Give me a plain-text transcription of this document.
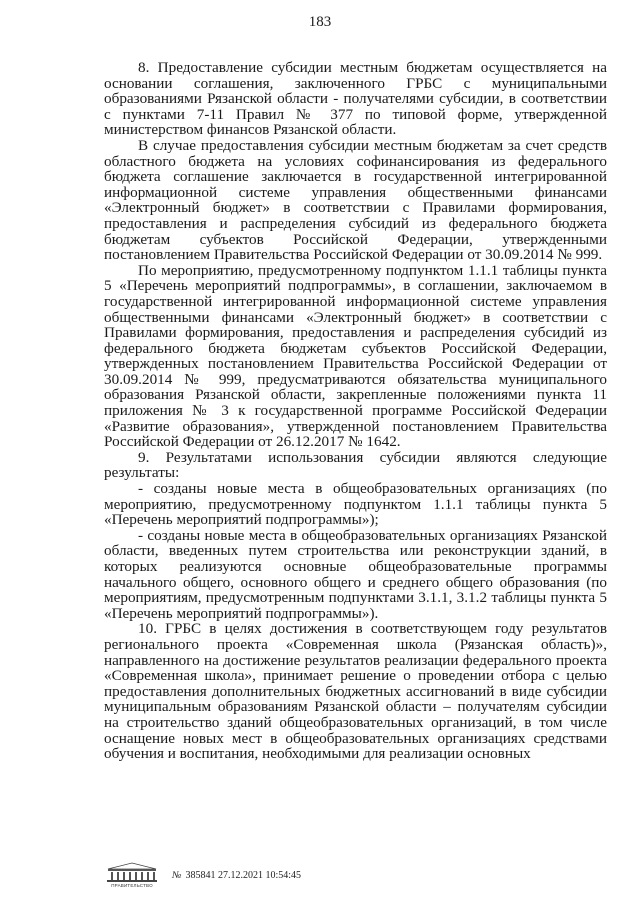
183

8. Предоставление субсидии местным бюджетам осуществляется на основании соглашения, заключенного ГРБС с муниципальными образованиями Рязанской области - получателями субсидии, в соответствии с пунктами 7-11 Правил № 377 по типовой форме, утвержденной министерством финансов Рязанской области.

В случае предоставления субсидии местным бюджетам за счет средств областного бюджета на условиях софинансирования из федерального бюджета соглашение заключается в государственной интегрированной информационной системе управления общественными финансами «Электронный бюджет» в соответствии с Правилами формирования, предоставления и распределения субсидий из федерального бюджета бюджетам субъектов Российской Федерации, утвержденными постановлением Правительства Российской Федерации от 30.09.2014 № 999.

По мероприятию, предусмотренному подпунктом 1.1.1 таблицы пункта 5 «Перечень мероприятий подпрограммы», в соглашении, заключаемом в государственной интегрированной информационной системе управления общественными финансами «Электронный бюджет» в соответствии с Правилами формирования, предоставления и распределения субсидий из федерального бюджета бюджетам субъектов Российской Федерации, утвержденных постановлением Правительства Российской Федерации от 30.09.2014 № 999, предусматриваются обязательства муниципального образования Рязанской области, закрепленные положениями пункта 11 приложения № 3 к государственной программе Российской Федерации «Развитие образования», утвержденной постановлением Правительства Российской Федерации от 26.12.2017 № 1642.

9. Результатами использования субсидии являются следующие результаты:

- созданы новые места в общеобразовательных организациях (по мероприятию, предусмотренному подпунктом 1.1.1 таблицы пункта 5 «Перечень мероприятий подпрограммы»);

- созданы новые места в общеобразовательных организациях Рязанской области, введенных путем строительства или реконструкции зданий, в которых реализуются основные общеобразовательные программы начального общего, основного общего и среднего общего образования (по мероприятиям, предусмотренным подпунктами 3.1.1, 3.1.2 таблицы пункта 5 «Перечень мероприятий подпрограммы»).

10. ГРБС в целях достижения в соответствующем году результатов регионального проекта «Современная школа (Рязанская область)», направленного на достижение результатов реализации федерального проекта «Современная школа», принимает решение о проведении отбора с целью предоставления дополнительных бюджетных ассигнований в виде субсидии муниципальным образованиям Рязанской области – получателям субсидии на строительство зданий общеобразовательных организаций, в том числе оснащение новых мест в общеобразовательных организациях средствами обучения и воспитания, необходимыми для реализации основных

ПРАВИТЕЛЬСТВО
№ 385841 27.12.2021 10:54:45
